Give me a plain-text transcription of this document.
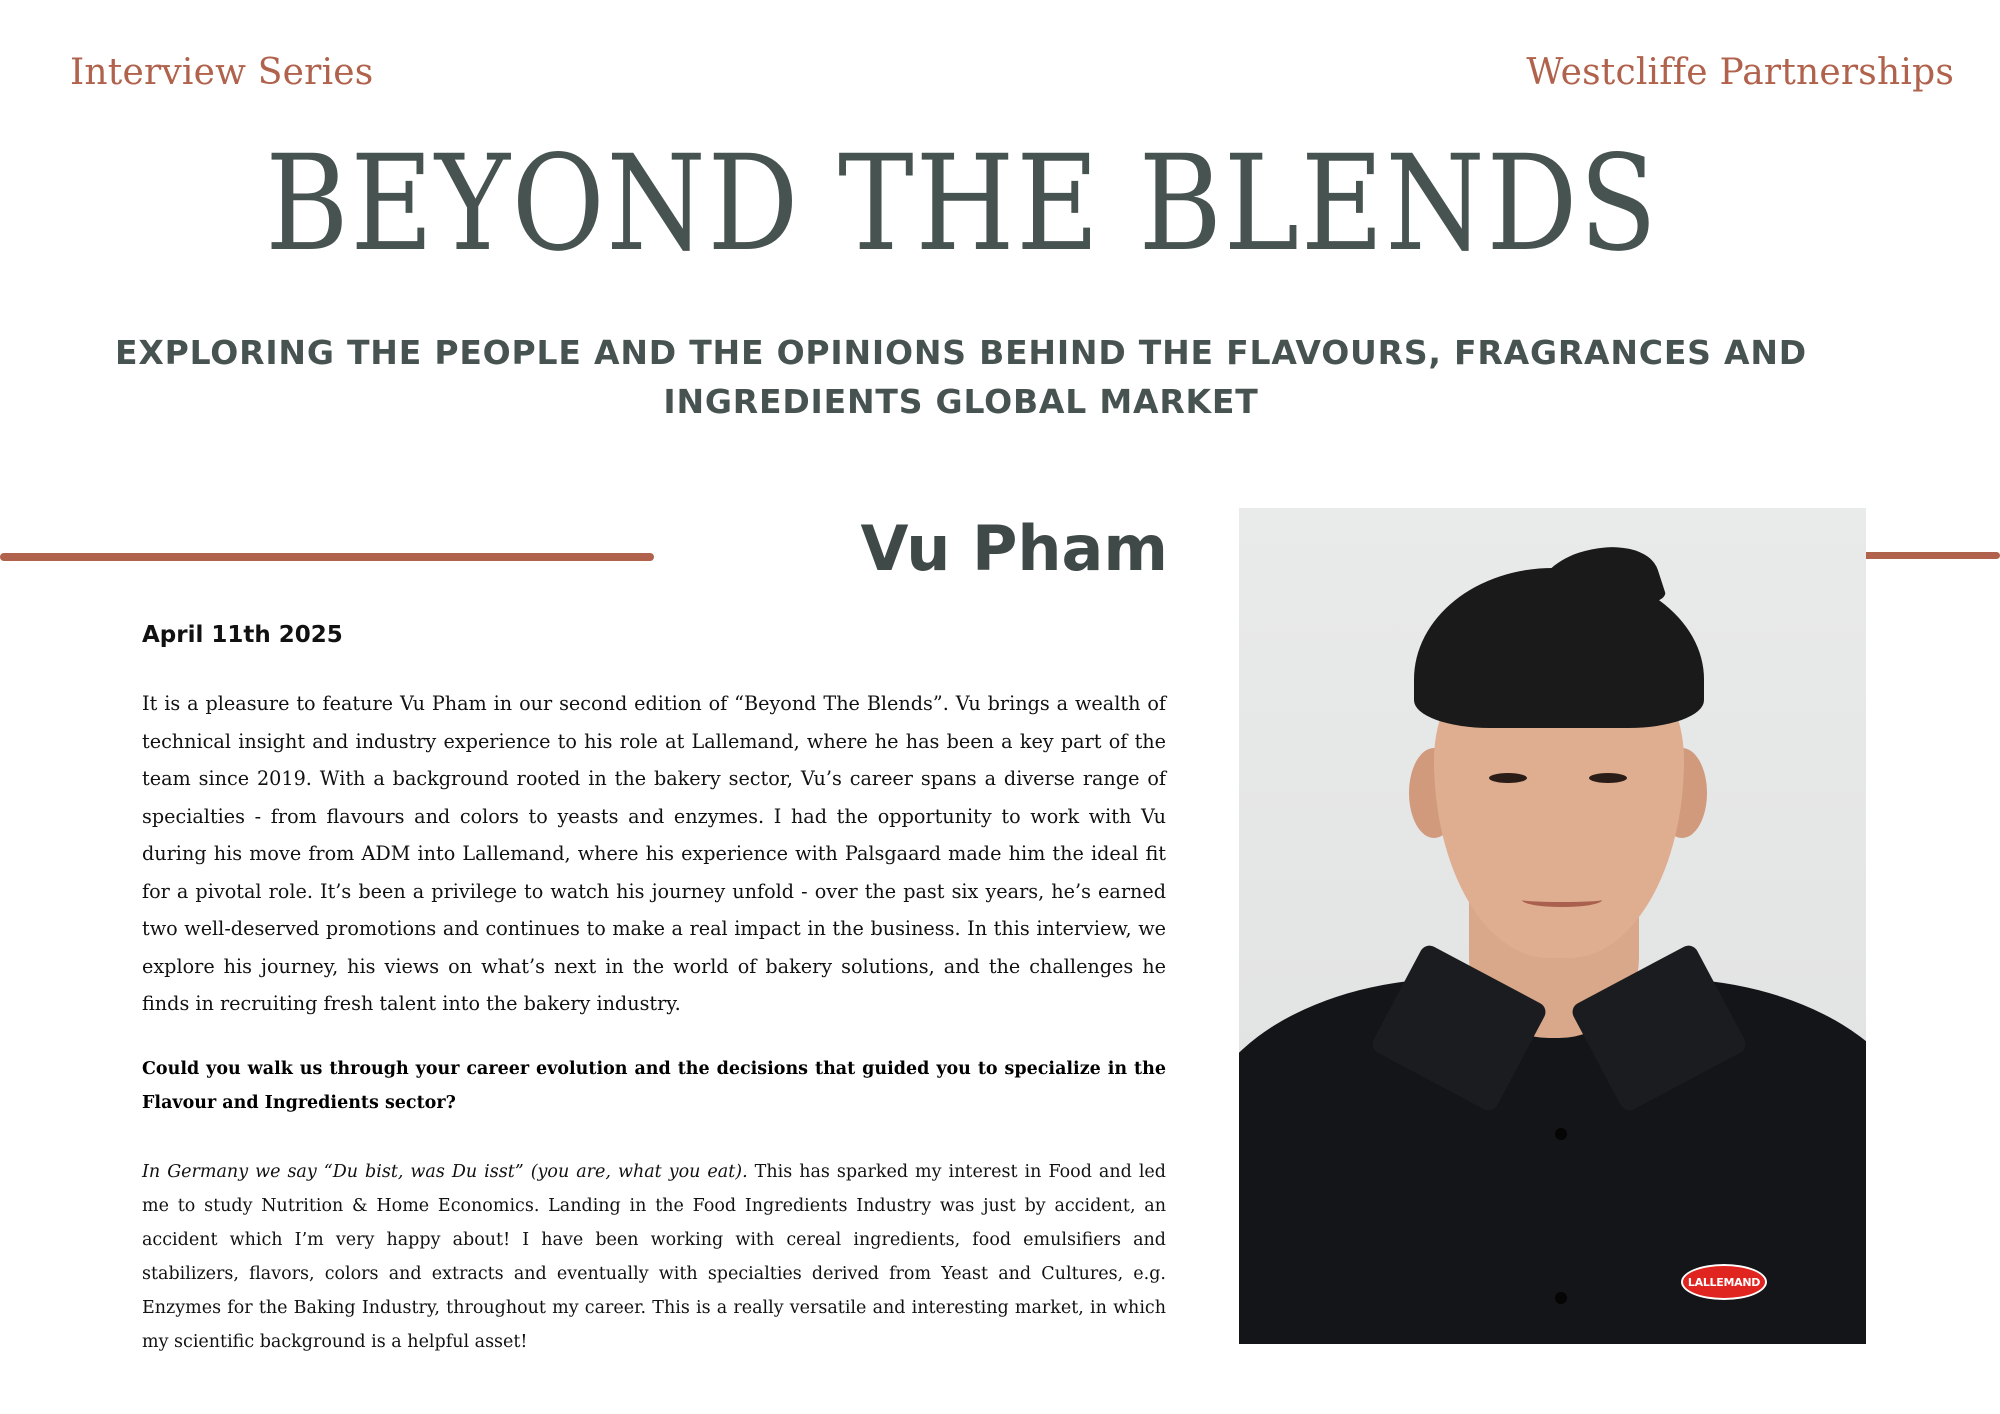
Interview Series	Westcliffe Partnerships
BEYOND THE BLENDS
EXPLORING THE PEOPLE AND THE OPINIONS BEHIND THE FLAVOURS, FRAGRANCES AND INGREDIENTS GLOBAL MARKET
Vu Pham
April 11th 2025

It is a pleasure to feature Vu Pham in our second edition of “Beyond The Blends”. Vu brings a wealth of technical insight and industry experience to his role at Lallemand, where he has been a key part of the team since 2019. With a background rooted in the bakery sector, Vu’s career spans a diverse range of specialties - from flavours and colors to yeasts and enzymes. I had the opportunity to work with Vu during his move from ADM into Lallemand, where his experience with Palsgaard made him the ideal fit for a pivotal role. It’s been a privilege to watch his journey unfold - over the past six years, he’s earned two well-deserved promotions and continues to make a real impact in the business. In this interview, we explore his journey, his views on what’s next in the world of bakery solutions, and the challenges he finds in recruiting fresh talent into the bakery industry.

Could you walk us through your career evolution and the decisions that guided you to specialize in the Flavour and Ingredients sector?

In Germany we say “Du bist, was Du isst” (you are, what you eat). This has sparked my interest in Food and led me to study Nutrition & Home Economics. Landing in the Food Ingredients Industry was just by accident, an accident which I’m very happy about! I have been working with cereal ingredients, food emulsifiers and stabilizers, flavors, colors and extracts and eventually with specialties derived from Yeast and Cultures, e.g. Enzymes for the Baking Industry, throughout my career. This is a really versatile and interesting market, in which my scientific background is a helpful asset!

LALLEMAND
